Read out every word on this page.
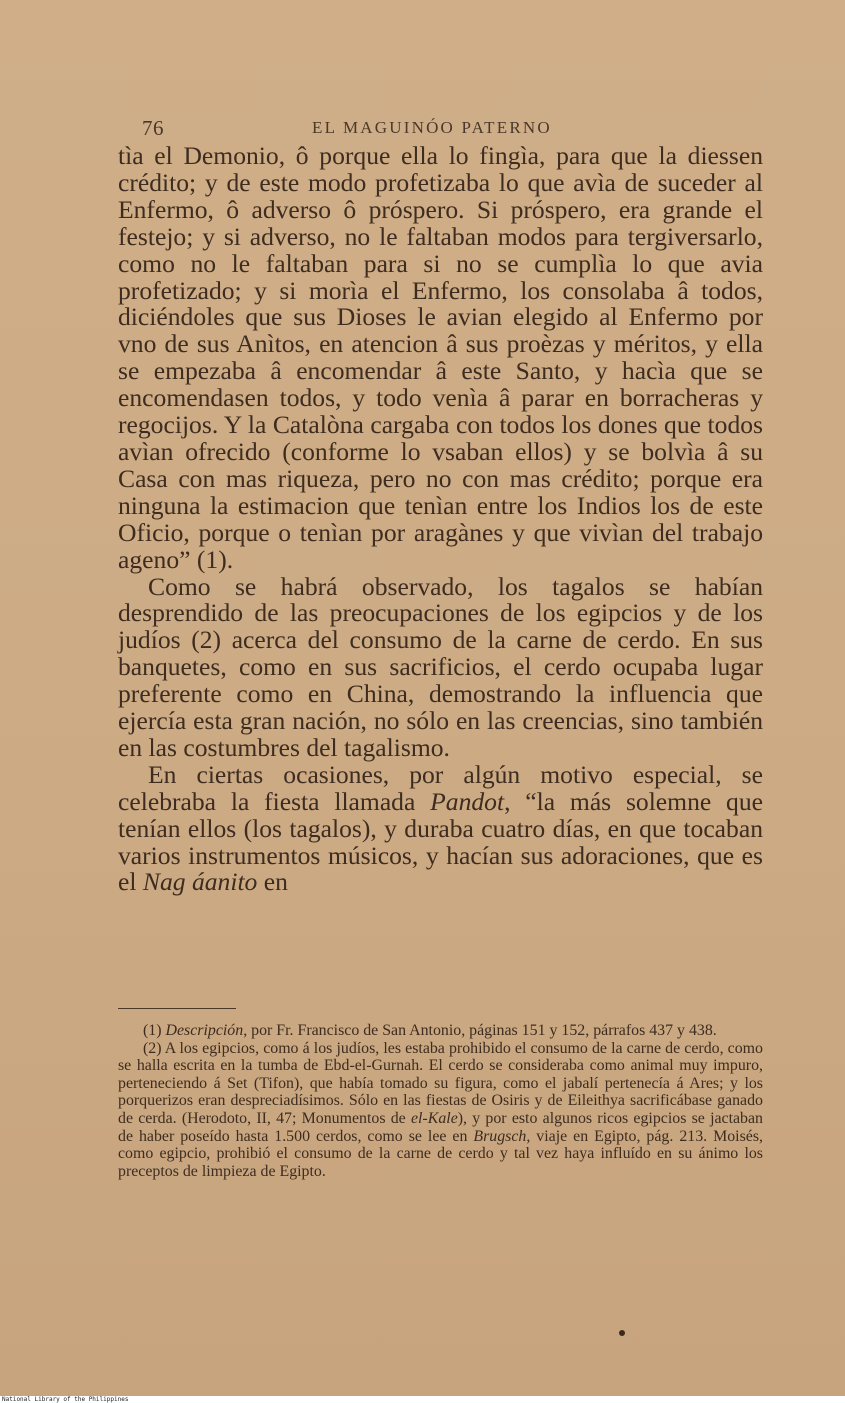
76	EL MAGUINÓO PATERNO

tìa el Demonio, ô porque ella lo fingìa, para que la diessen crédito; y de este modo profetizaba lo que avìa de suceder al Enfermo, ô adverso ô próspero. Si próspero, era grande el festejo; y si adverso, no le faltaban modos para tergiversarlo, como no le faltaban para si no se cumplìa lo que avia profetizado; y si morìa el Enfermo, los consolaba â todos, diciéndoles que sus Dioses le avian elegido al Enfermo por vno de sus Anìtos, en atencion â sus proèzas y méritos, y ella se empezaba â encomendar â este Santo, y hacìa que se encomendasen todos, y todo venìa â parar en borracheras y regocijos. Y la Catalòna cargaba con todos los dones que todos avìan ofrecido (conforme lo vsaban ellos) y se bolvìa â su Casa con mas riqueza, pero no con mas crédito; porque era ninguna la estimacion que tenìan entre los Indios los de este Oficio, porque o tenìan por aragànes y que vivìan del trabajo ageno” (1).

Como se habrá observado, los tagalos se habían desprendido de las preocupaciones de los egipcios y de los judíos (2) acerca del consumo de la carne de cerdo. En sus banquetes, como en sus sacrificios, el cerdo ocupaba lugar preferente como en China, demostrando la influencia que ejercía esta gran nación, no sólo en las creencias, sino también en las costumbres del tagalismo.

En ciertas ocasiones, por algún motivo especial, se celebraba la fiesta llamada Pandot, “la más solemne que tenían ellos (los tagalos), y duraba cuatro días, en que tocaban varios instrumentos músicos, y hacían sus adoraciones, que es el Nag áanito en

(1) Descripción, por Fr. Francisco de San Antonio, páginas 151 y 152, párrafos 437 y 438.

(2) A los egipcios, como á los judíos, les estaba prohibido el consumo de la carne de cerdo, como se halla escrita en la tumba de Ebd-el-Gurnah. El cerdo se consideraba como animal muy impuro, perteneciendo á Set (Tifon), que había tomado su figura, como el jabalí pertenecía á Ares; y los porquerizos eran despreciadísimos. Sólo en las fiestas de Osiris y de Eileithya sacrificábase ganado de cerda. (Herodoto, II, 47; Monumentos de el-Kale), y por esto algunos ricos egipcios se jactaban de haber poseído hasta 1.500 cerdos, como se lee en Brugsch, viaje en Egipto, pág. 213. Moisés, como egipcio, prohibió el consumo de la carne de cerdo y tal vez haya influído en su ánimo los preceptos de limpieza de Egipto.

National Library of the Philippines
